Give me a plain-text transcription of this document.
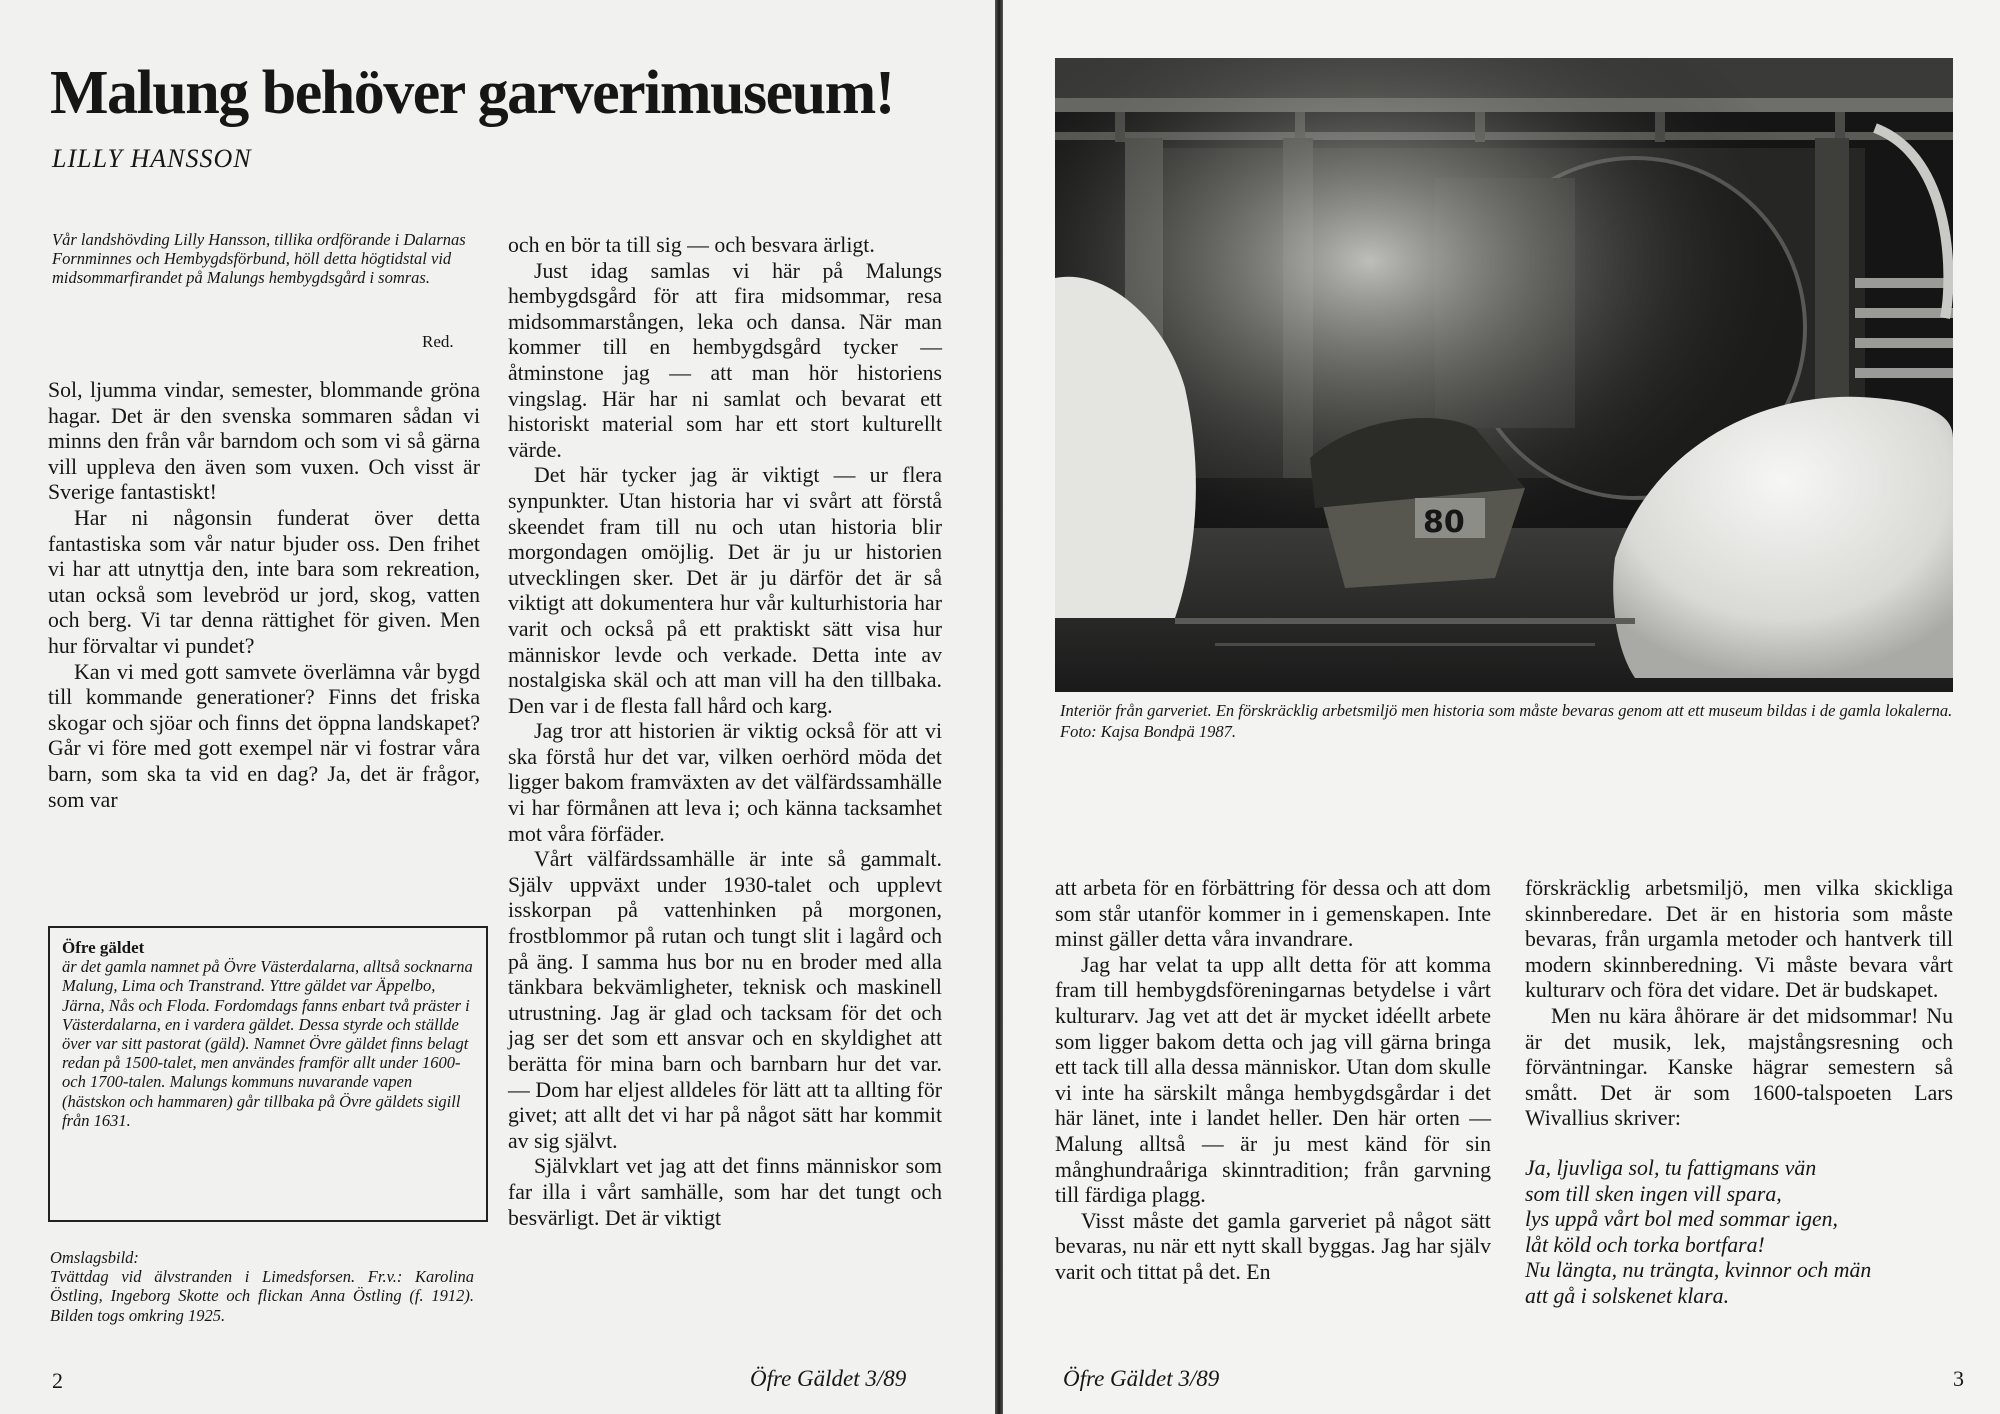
Malung behöver garverimuseum!
LILLY HANSSON
Vår landshövding Lilly Hansson, tillika ordförande i Dalarnas Fornminnes och Hembygdsförbund, höll detta högtidstal vid midsommarfirandet på Malungs hembygdsgård i somras.
Red.

Sol, ljumma vindar, semester, blommande gröna hagar. Det är den svenska sommaren sådan vi minns den från vår barndom och som vi så gärna vill uppleva den även som vuxen. Och visst är Sverige fantastiskt!

Har ni någonsin funderat över detta fantastiska som vår natur bjuder oss. Den frihet vi har att utnyttja den, inte bara som rekreation, utan också som levebröd ur jord, skog, vatten och berg. Vi tar denna rättighet för given. Men hur förvaltar vi pundet?

Kan vi med gott samvete överlämna vår bygd till kommande generationer? Finns det friska skogar och sjöar och finns det öppna landskapet? Går vi före med gott exempel när vi fostrar våra barn, som ska ta vid en dag? Ja, det är frågor, som var

Öfre gäldet
är det gamla namnet på Övre Västerdalarna, alltså socknarna Malung, Lima och Transtrand. Yttre gäldet var Äppelbo, Järna, Nås och Floda. Fordomdags fanns enbart två präster i Västerdalarna, en i vardera gäldet. Dessa styrde och ställde över var sitt pastorat (gäld). Namnet Övre gäldet finns belagt redan på 1500-talet, men användes framför allt under 1600- och 1700-talen. Malungs kommuns nuvarande vapen (hästskon och hammaren) går tillbaka på Övre gäldets sigill från 1631.
Omslagsbild:
Tvättdag vid älvstranden i Limedsforsen. Fr.v.: Karolina Östling, Ingeborg Skotte och flickan Anna Östling (f. 1912). Bilden togs omkring 1925.

och en bör ta till sig — och besvara ärligt.

Just idag samlas vi här på Malungs hembygdsgård för att fira midsommar, resa midsommarstången, leka och dansa. När man kommer till en hembygdsgård tycker — åtminstone jag — att man hör historiens vingslag. Här har ni samlat och bevarat ett historiskt material som har ett stort kulturellt värde.

Det här tycker jag är viktigt — ur flera synpunkter. Utan historia har vi svårt att förstå skeendet fram till nu och utan historia blir morgondagen omöjlig. Det är ju ur historien utvecklingen sker. Det är ju därför det är så viktigt att dokumentera hur vår kulturhistoria har varit och också på ett praktiskt sätt visa hur människor levde och verkade. Detta inte av nostalgiska skäl och att man vill ha den tillbaka. Den var i de flesta fall hård och karg.

Jag tror att historien är viktig också för att vi ska förstå hur det var, vilken oerhörd möda det ligger bakom framväxten av det välfärdssamhälle vi har förmånen att leva i; och känna tacksamhet mot våra förfäder.

Vårt välfärdssamhälle är inte så gammalt. Själv uppväxt under 1930-talet och upplevt isskorpan på vattenhinken på morgonen, frostblommor på rutan och tungt slit i lagård och på äng. I samma hus bor nu en broder med alla tänkbara bekvämligheter, teknisk och maskinell utrustning. Jag är glad och tacksam för det och jag ser det som ett ansvar och en skyldighet att berätta för mina barn och barnbarn hur det var. — Dom har eljest alldeles för lätt att ta allting för givet; att allt det vi har på något sätt har kommit av sig självt.

Självklart vet jag att det finns människor som far illa i vårt samhälle, som har det tungt och besvärligt. Det är viktigt

2	Öfre Gäldet 3/89
80
Interiör från garveriet. En förskräcklig arbetsmiljö men historia som måste bevaras genom att ett museum bildas i de gamla lokalerna. Foto: Kajsa Bondpä 1987.

att arbeta för en förbättring för dessa och att dom som står utanför kommer in i gemenskapen. Inte minst gäller detta våra invandrare.

Jag har velat ta upp allt detta för att komma fram till hembygdsföreningarnas betydelse i vårt kulturarv. Jag vet att det är mycket idéellt arbete som ligger bakom detta och jag vill gärna bringa ett tack till alla dessa människor. Utan dom skulle vi inte ha särskilt många hembygdsgårdar i det här länet, inte i landet heller. Den här orten — Malung alltså — är ju mest känd för sin månghundraåriga skinntradition; från garvning till färdiga plagg.

Visst måste det gamla garveriet på något sätt bevaras, nu när ett nytt skall byggas. Jag har själv varit och tittat på det. En

förskräcklig arbetsmiljö, men vilka skickliga skinnberedare. Det är en historia som måste bevaras, från urgamla metoder och hantverk till modern skinnberedning. Vi måste bevara vårt kulturarv och föra det vidare. Det är budskapet.

Men nu kära åhörare är det midsommar! Nu är det musik, lek, majstångsresning och förväntningar. Kanske hägrar semestern så smått. Det är som 1600-talspoeten Lars Wivallius skriver:

Ja, ljuvliga sol, tu fattigmans vän
som till sken ingen vill spara,
lys uppå vårt bol med sommar igen,
låt köld och torka bortfara!
Nu längta, nu trängta, kvinnor och män
att gå i solskenet klara.
Öfre Gäldet 3/89	3
